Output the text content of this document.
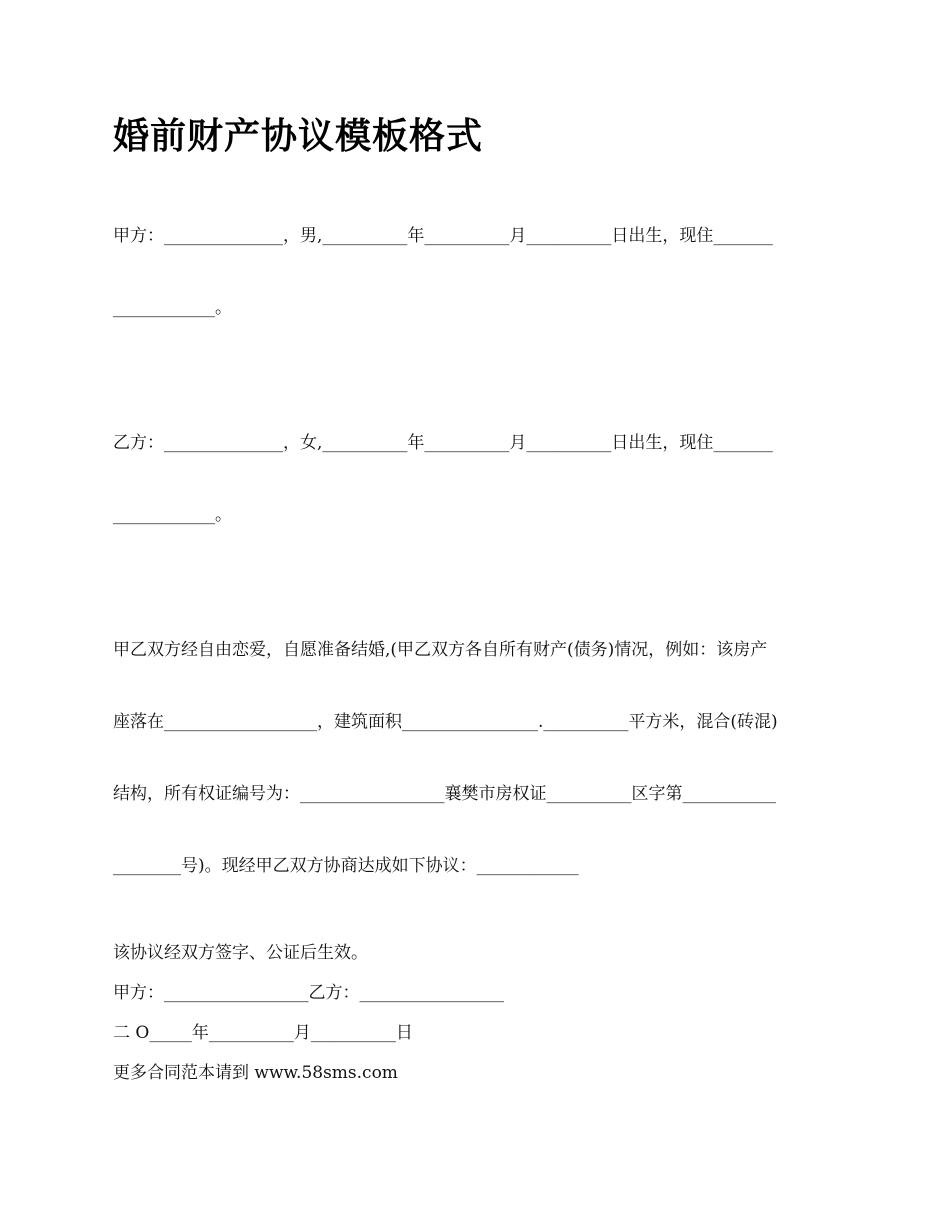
婚前财产协议模板格式

甲方：______________，男,__________年__________月__________日出生，现住_______

____________。

乙方：______________，女,__________年__________月__________日出生，现住_______

____________。

甲乙双方经自由恋爱，自愿准备结婚,(甲乙双方各自所有财产(债务)情况，例如：该房产

座落在__________________，建筑面积________________.__________平方米，混合(砖混)

结构，所有权证编号为：_________________襄樊市房权证__________区字第___________

________号)。现经甲乙双方协商达成如下协议：____________

该协议经双方签字、公证后生效。
甲方：_________________乙方：_________________
二 O_____年__________月__________日
更多合同范本请到 www.58sms.com
